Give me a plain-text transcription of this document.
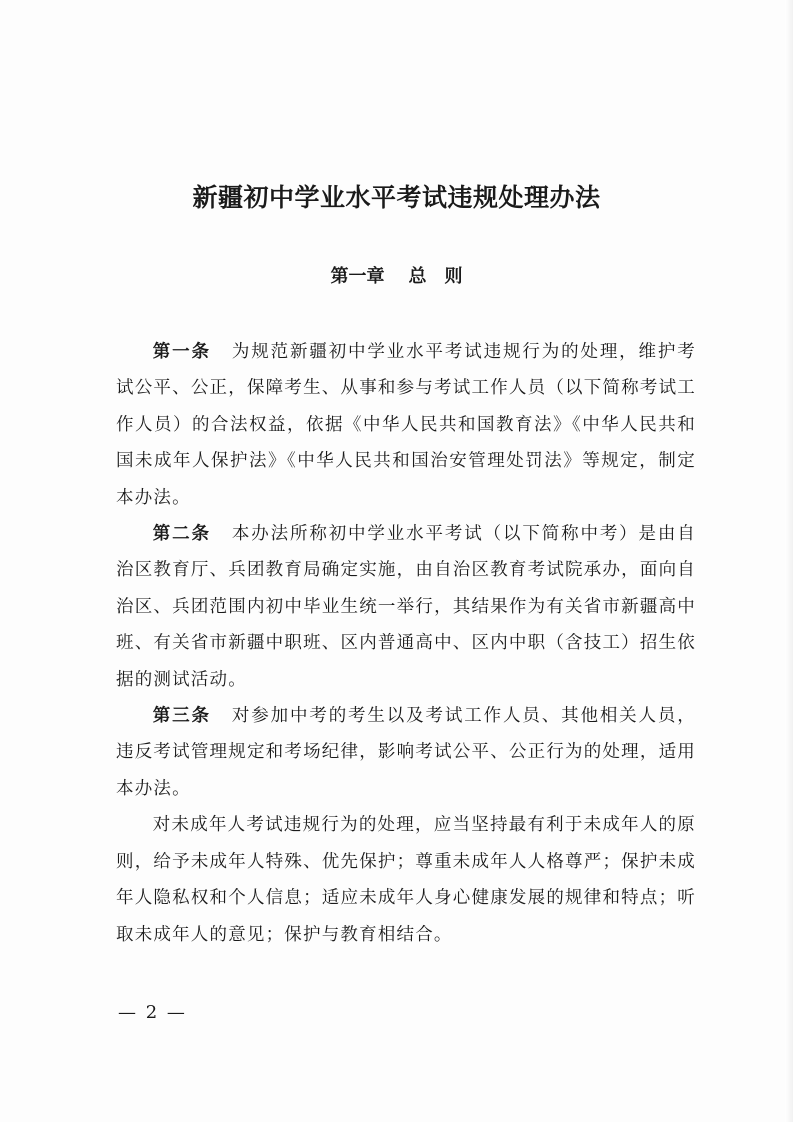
新疆初中学业水平考试违规处理办法
第一章 总　则

第一条 为规范新疆初中学业水平考试违规行为的处理，维护考试公平、公正，保障考生、从事和参与考试工作人员（以下简称考试工作人员）的合法权益，依据《中华人民共和国教育法》《中华人民共和国未成年人保护法》《中华人民共和国治安管理处罚法》等规定，制定本办法。

第二条 本办法所称初中学业水平考试（以下简称中考）是由自治区教育厅、兵团教育局确定实施，由自治区教育考试院承办，面向自治区、兵团范围内初中毕业生统一举行，其结果作为有关省市新疆高中班、有关省市新疆中职班、区内普通高中、区内中职（含技工）招生依据的测试活动。

第三条 对参加中考的考生以及考试工作人员、其他相关人员，违反考试管理规定和考场纪律，影响考试公平、公正行为的处理，适用本办法。

对未成年人考试违规行为的处理，应当坚持最有利于未成年人的原则，给予未成年人特殊、优先保护；尊重未成年人人格尊严；保护未成年人隐私权和个人信息；适应未成年人身心健康发展的规律和特点；听取未成年人的意见；保护与教育相结合。

— 2 —
